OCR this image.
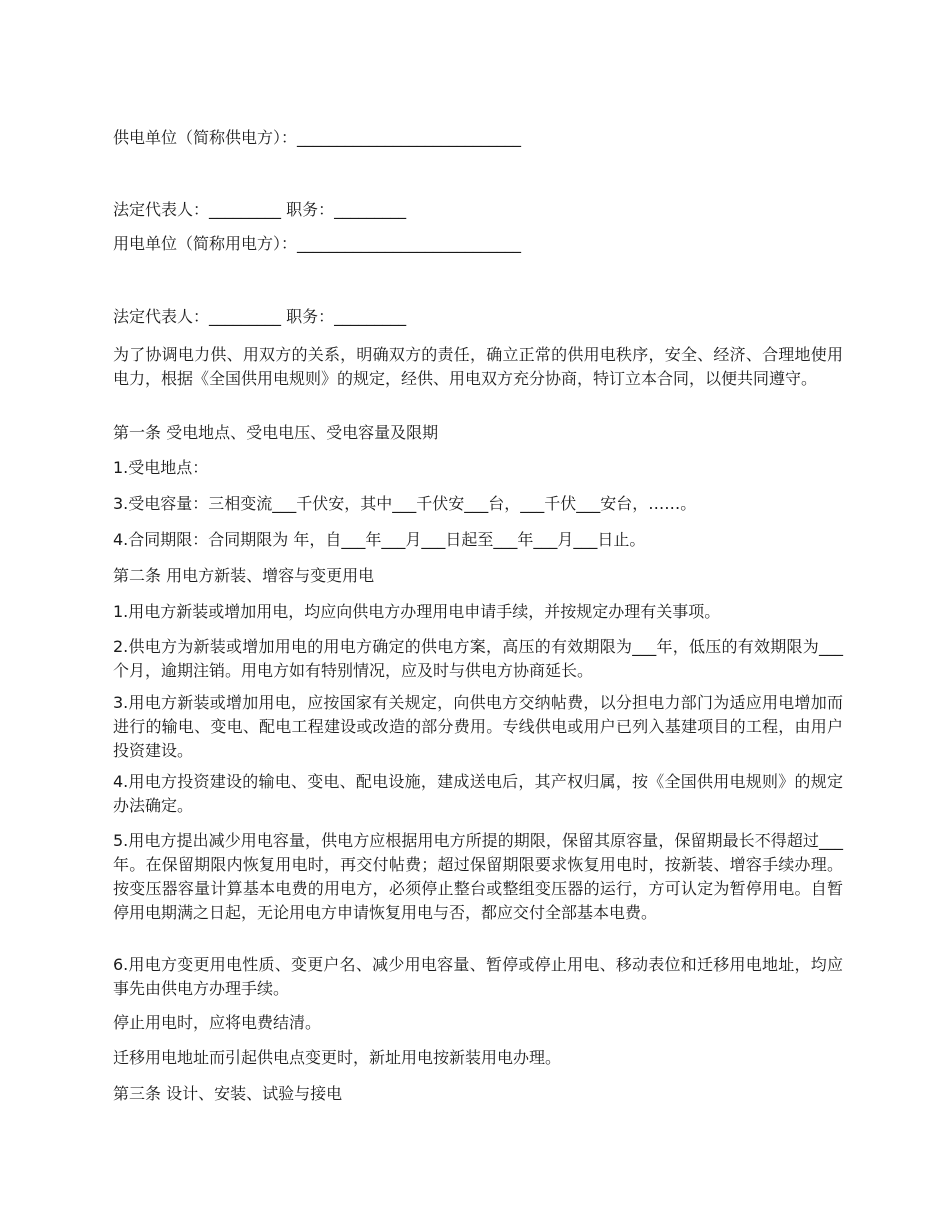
供电单位（简称供电方）：____________________________

法定代表人：_________ 职务：_________

用电单位（简称用电方）：____________________________

法定代表人：_________ 职务：_________

为了协调电力供、用双方的关系，明确双方的责任，确立正常的供用电秩序，安全、经济、合理地使用电力，根据《全国供用电规则》的规定，经供、用电双方充分协商，特订立本合同，以便共同遵守。

第一条 受电地点、受电电压、受电容量及限期

1.受电地点：

3.受电容量：三相变流___千伏安，其中___千伏安___台，___千伏___安台，……。

4.合同期限：合同期限为 年，自___年___月___日起至___年___月___日止。

第二条 用电方新装、增容与变更用电

1.用电方新装或增加用电，均应向供电方办理用电申请手续，并按规定办理有关事项。

2.供电方为新装或增加用电的用电方确定的供电方案，高压的有效期限为___年，低压的有效期限为___个月，逾期注销。用电方如有特别情况，应及时与供电方协商延长。

3.用电方新装或增加用电，应按国家有关规定，向供电方交纳帖费，以分担电力部门为适应用电增加而进行的输电、变电、配电工程建设或改造的部分费用。专线供电或用户已列入基建项目的工程，由用户投资建设。

4.用电方投资建设的输电、变电、配电设施，建成送电后，其产权归属，按《全国供用电规则》的规定办法确定。

5.用电方提出减少用电容量，供电方应根据用电方所提的期限，保留其原容量，保留期最长不得超过___年。在保留期限内恢复用电时，再交付帖费；超过保留期限要求恢复用电时，按新装、增容手续办理。按变压器容量计算基本电费的用电方，必须停止整台或整组变压器的运行，方可认定为暂停用电。自暂停用电期满之日起，无论用电方申请恢复用电与否，都应交付全部基本电费。

6.用电方变更用电性质、变更户名、减少用电容量、暂停或停止用电、移动表位和迁移用电地址，均应事先由供电方办理手续。

停止用电时，应将电费结清。

迁移用电地址而引起供电点变更时，新址用电按新装用电办理。

第三条 设计、安装、试验与接电
